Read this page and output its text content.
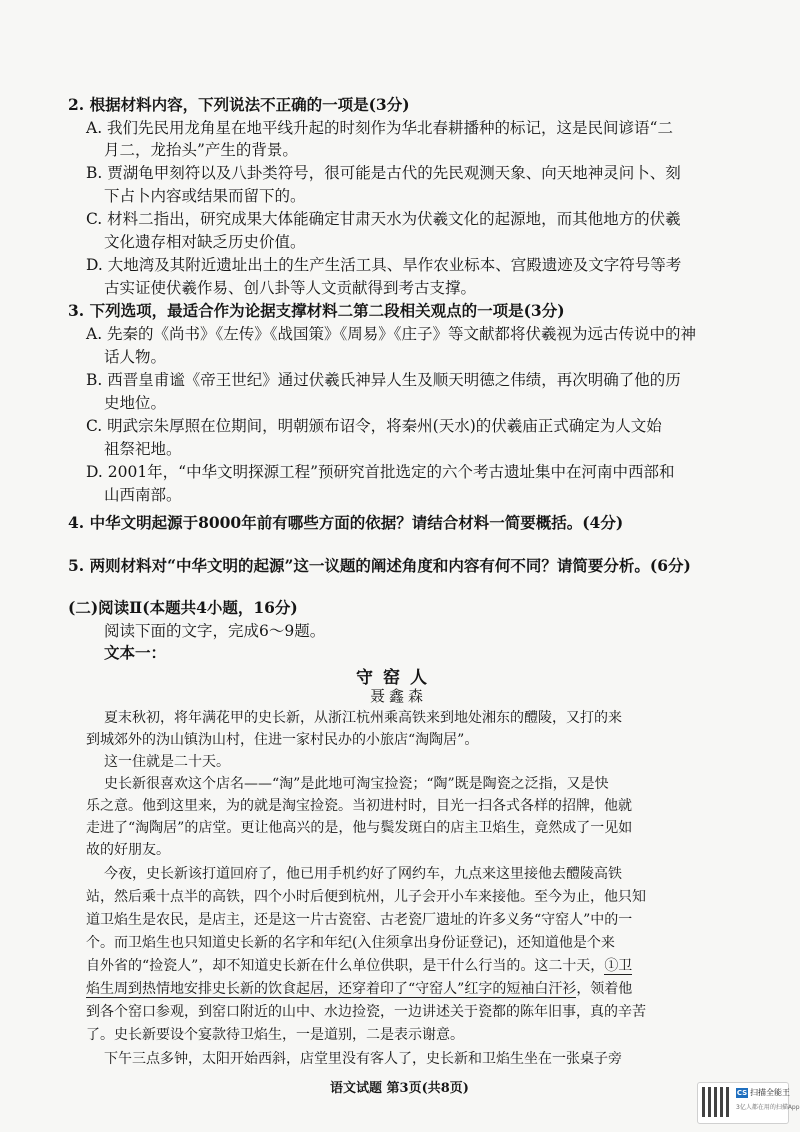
2. 根据材料内容，下列说法不正确的一项是(3分)
A. 我们先民用龙角星在地平线升起的时刻作为华北春耕播种的标记，这是民间谚语“二
月二，龙抬头”产生的背景。
B. 贾湖龟甲刻符以及八卦类符号，很可能是古代的先民观测天象、向天地神灵问卜、刻
下占卜内容或结果而留下的。
C. 材料二指出，研究成果大体能确定甘肃天水为伏羲文化的起源地，而其他地方的伏羲
文化遗存相对缺乏历史价值。
D. 大地湾及其附近遗址出土的生产生活工具、旱作农业标本、宫殿遗迹及文字符号等考
古实证使伏羲作易、创八卦等人文贡献得到考古支撑。
3. 下列选项，最适合作为论据支撑材料二第二段相关观点的一项是(3分)
A. 先秦的《尚书》《左传》《战国策》《周易》《庄子》等文献都将伏羲视为远古传说中的神
话人物。
B. 西晋皇甫谧《帝王世纪》通过伏羲氏神异人生及顺天明德之伟绩，再次明确了他的历
史地位。
C. 明武宗朱厚照在位期间，明朝颁布诏令，将秦州(天水)的伏羲庙正式确定为人文始
祖祭祀地。
D. 2001年，“中华文明探源工程”预研究首批选定的六个考古遗址集中在河南中西部和
山西南部。
4. 中华文明起源于8000年前有哪些方面的依据？请结合材料一简要概括。(4分)
5. 两则材料对“中华文明的起源”这一议题的阐述角度和内容有何不同？请简要分析。(6分)
(二)阅读Ⅱ(本题共4小题，16分)
阅读下面的文字，完成6～9题。
文本一：
守窑人
聂鑫森
夏末秋初，将年满花甲的史长新，从浙江杭州乘高铁来到地处湘东的醴陵，又打的来
到城郊外的沩山镇沩山村，住进一家村民办的小旅店“淘陶居”。
这一住就是二十天。
史长新很喜欢这个店名——“淘”是此地可淘宝捡瓷；“陶”既是陶瓷之泛指，又是快
乐之意。他到这里来，为的就是淘宝捡瓷。当初进村时，目光一扫各式各样的招牌，他就
走进了“淘陶居”的店堂。更让他高兴的是，他与鬓发斑白的店主卫焰生，竟然成了一见如
故的好朋友。
今夜，史长新该打道回府了，他已用手机约好了网约车，九点来这里接他去醴陵高铁
站，然后乘十点半的高铁，四个小时后便到杭州，儿子会开小车来接他。至今为止，他只知
道卫焰生是农民，是店主，还是这一片古瓷窑、古老瓷厂遗址的许多义务“守窑人”中的一
个。而卫焰生也只知道史长新的名字和年纪(入住须拿出身份证登记)，还知道他是个来
自外省的“捡瓷人”，却不知道史长新在什么单位供职，是干什么行当的。这二十天，①卫
焰生周到热情地安排史长新的饮食起居，还穿着印了“守窑人”红字的短袖白汗衫，领着他
到各个窑口参观，到窑口附近的山中、水边捡瓷，一边讲述关于瓷都的陈年旧事，真的辛苦
了。史长新要设个宴款待卫焰生，一是道别，二是表示谢意。
下午三点多钟，太阳开始西斜，店堂里没有客人了，史长新和卫焰生坐在一张桌子旁
语文试题 第3页(共8页)	CS 扫描全能王
3亿人都在用的扫描App
